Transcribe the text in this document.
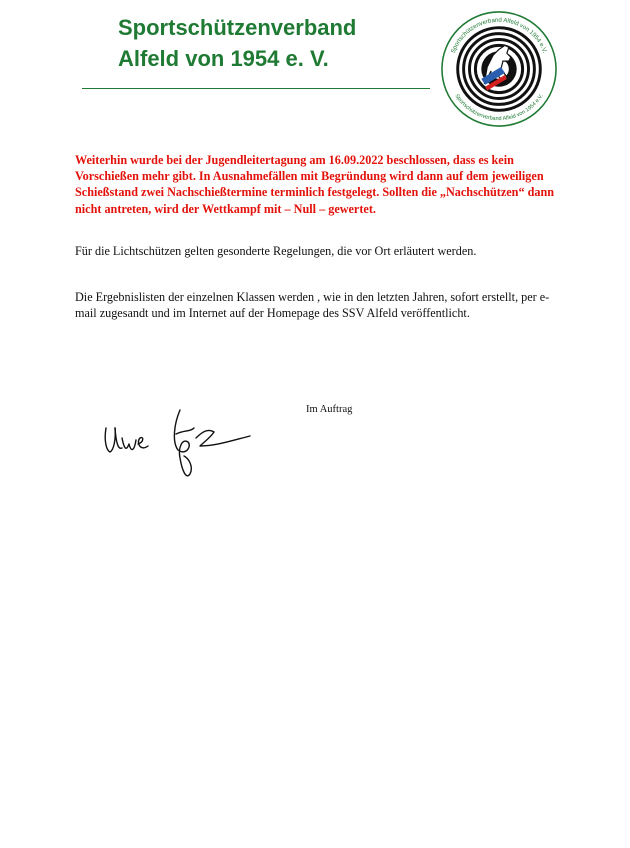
Sportschützenverband
Alfeld von 1954 e. V.	Sportschützenverband Alfeld von 1954 e.V.
Sportschützenverband Alfeld von 1954 e.V.

Weiterhin wurde bei der Jugendleitertagung am 16.09.2022 beschlossen, dass es kein Vorschießen mehr gibt. In Ausnahmefällen mit Begründung wird dann auf dem jeweiligen Schießstand zwei Nachschießtermine terminlich festgelegt. Sollten die „Nachschützen“ dann nicht antreten, wird der Wettkampf mit – Null – gewertet.

Für die Lichtschützen gelten gesonderte Regelungen, die vor Ort erläutert werden.

Die Ergebnislisten der einzelnen Klassen werden , wie in den letzten Jahren, sofort erstellt, per e-mail zugesandt und im Internet auf der Homepage des SSV Alfeld veröffentlicht.

Im Auftrag
